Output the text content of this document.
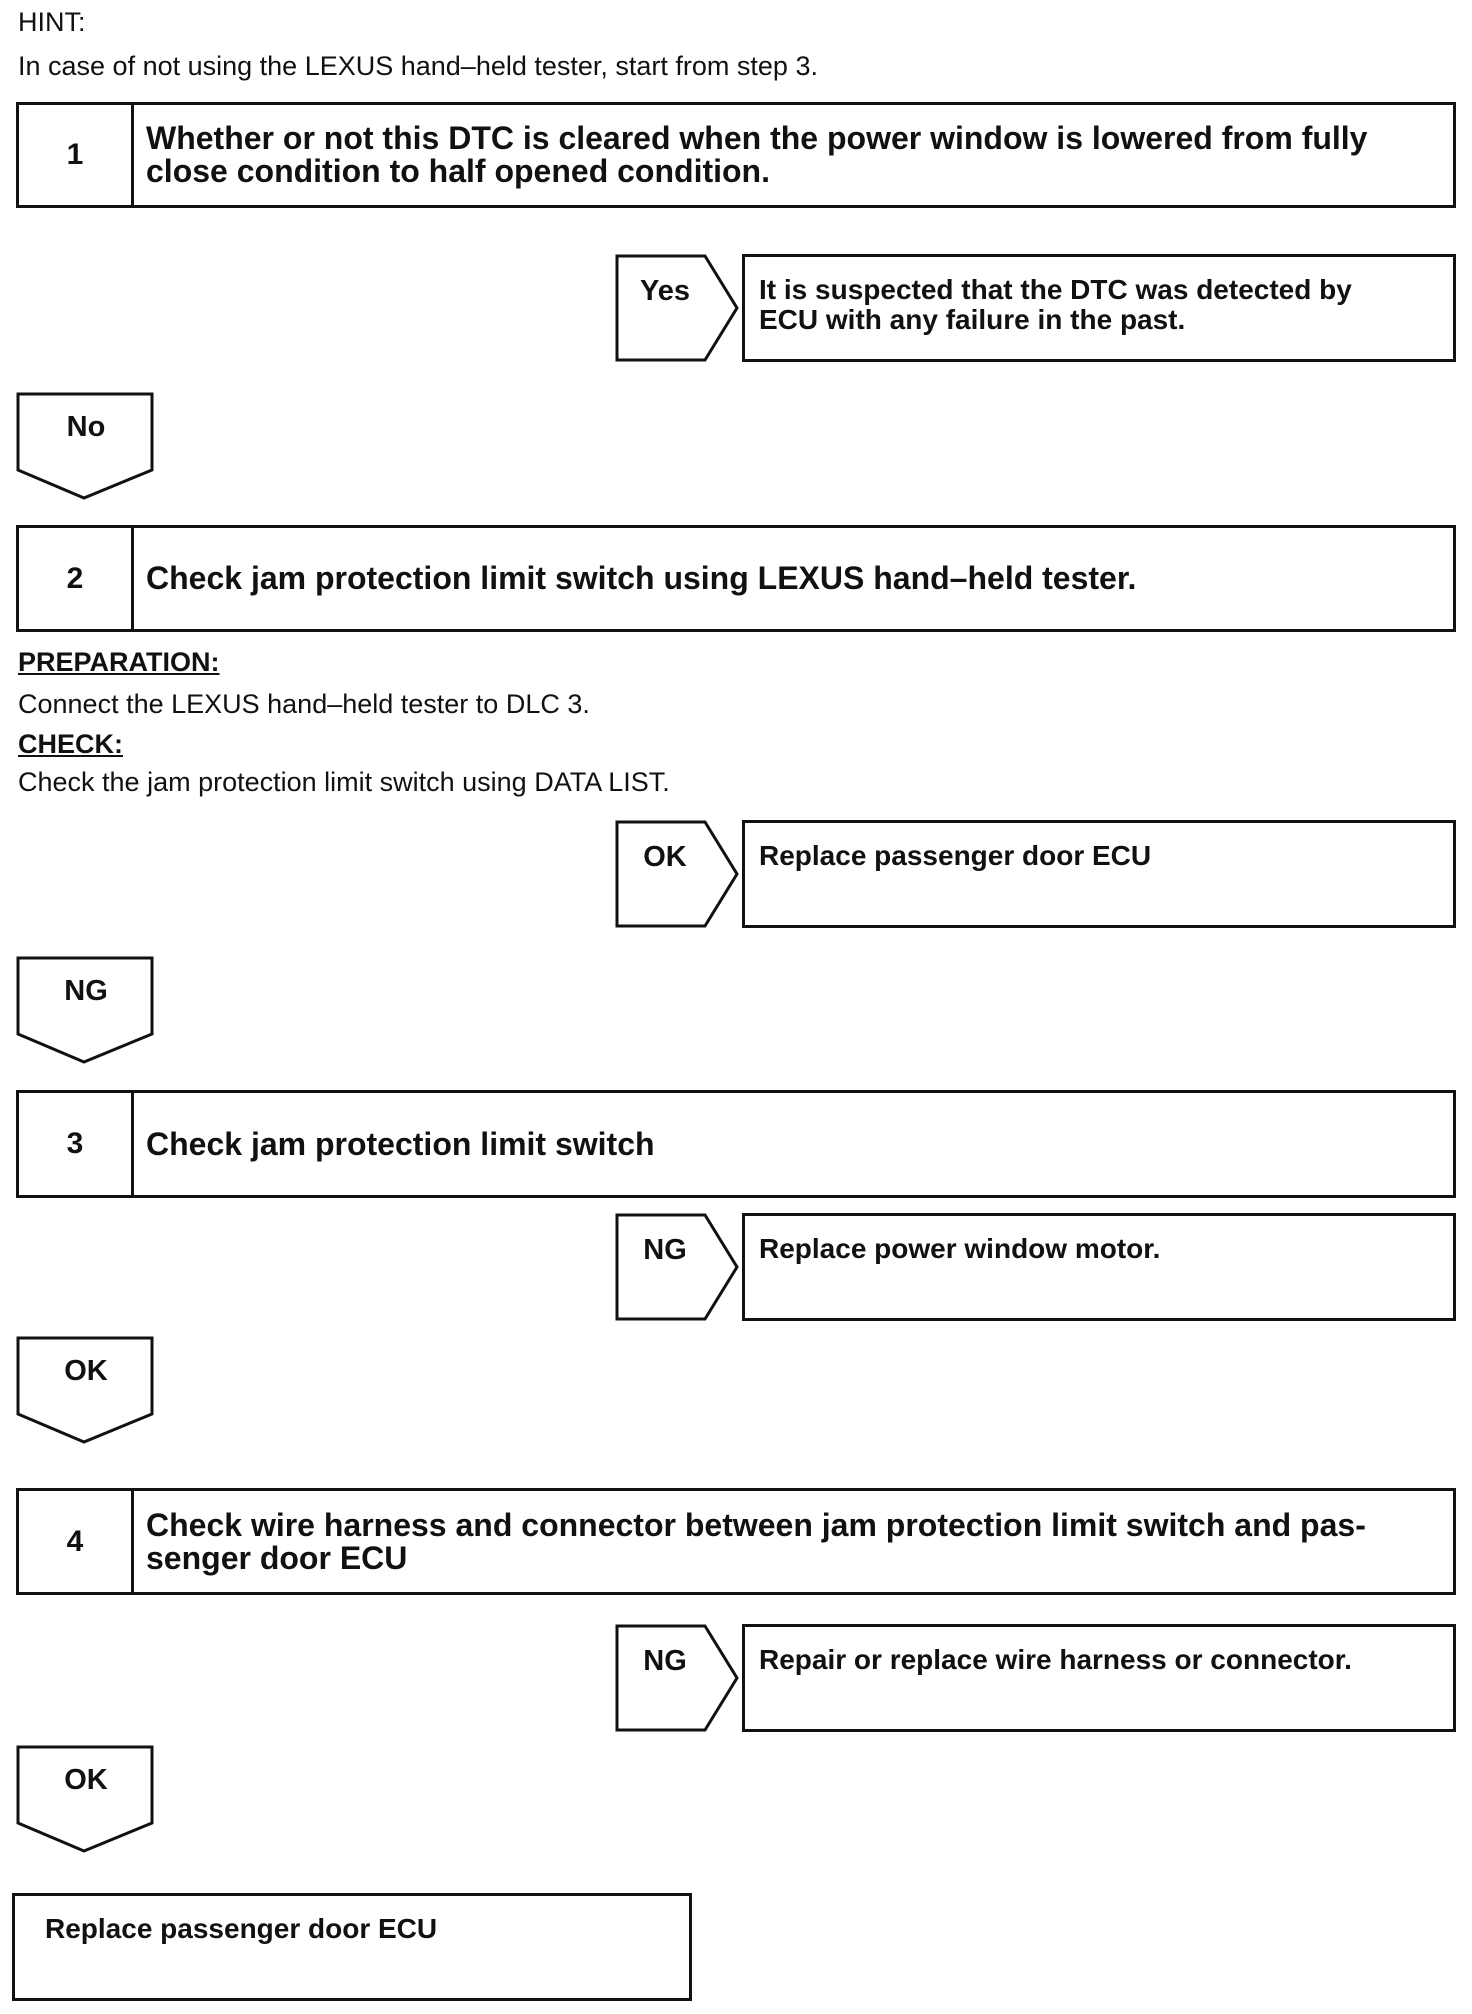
HINT:
In case of not using the LEXUS hand–held tester, start from step 3.
1	Whether or not this DTC is cleared when the power window is lowered from fully
close condition to half opened condition.
Yes	It is suspected that the DTC was detected by
ECU with any failure in the past.
No
2	Check jam protection limit switch using LEXUS hand–held tester.
PREPARATION:
Connect the LEXUS hand–held tester to DLC 3.
CHECK:
Check the jam protection limit switch using DATA LIST.
OK	Replace passenger door ECU
NG
3	Check jam protection limit switch
NG	Replace power window motor.
OK
4	Check wire harness and connector between jam protection limit switch and pas-
senger door ECU
NG	Repair or replace wire harness or connector.
OK
Replace passenger door ECU
